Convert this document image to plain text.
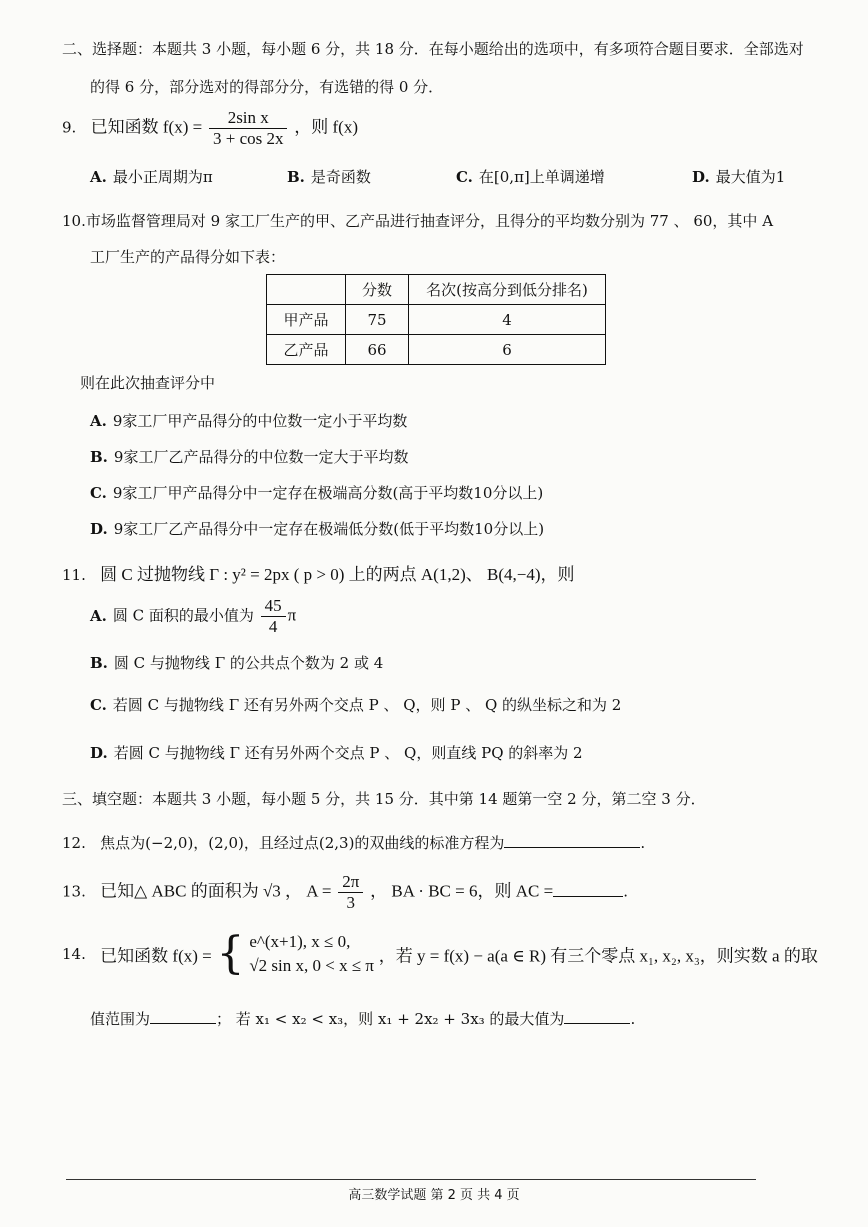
二、选择题：本题共 3 小题，每小题 6 分，共 18 分．在每小题给出的选项中，有多项符合题目要求．全部选对
的得 6 分，部分选对的得部分分，有选错的得 0 分．
9. 已知函数 $f(x) = \frac{\text{2sin x}}{3 + \cos 2x}$ ，则 f(x)
A. 最小正周期为π	B. 是奇函数	C. 在[0,π]上单调递增	D. 最大值为1
10.市场监督管理局对 9 家工厂生产的甲、乙产品进行抽查评分，且得分的平均数分别为 77 、 60，其中 A
工厂生产的产品得分如下表：
	分数	名次(按高分到低分排名)
甲产品	75	4
乙产品	66	6
则在此次抽查评分中
A. 9家工厂甲产品得分的中位数一定小于平均数
B. 9家工厂乙产品得分的中位数一定大于平均数
C. 9家工厂甲产品得分中一定存在极端高分数(高于平均数10分以上)
D. 9家工厂乙产品得分中一定存在极端低分数(低于平均数10分以上)
11. 圆 C 过抛物线 Γ : y² = 2px ( p > 0) 上的两点 A(1,2)、 B(4,−4)，则
A. 圆 C 面积的最小值为 $\frac{45}{4}$ π
B. 圆 C 与抛物线 Γ 的公共点个数为 2 或 4
C. 若圆 C 与抛物线 Γ 还有另外两个交点 P 、 Q，则 P 、 Q 的纵坐标之和为 2
D. 若圆 C 与抛物线 Γ 还有另外两个交点 P 、 Q，则直线 PQ 的斜率为 2
三、填空题：本题共 3 小题，每小题 5 分，共 15 分．其中第 14 题第一空 2 分，第二空 3 分．
12. 焦点为(−2,0)，(2,0)，且经过点(2,3)的双曲线的标准方程为	.
13. 已知△ ABC 的面积为 √3 ， $A = \frac{2\pi}{3}$ ， BA · BC = 6，则 AC =	.
14. 已知函数 f(x) = { e^(x+1), x ≤ 0,
√2 sin x, 0 < x ≤ π ，若 y = f(x) − a(a ∈ R) 有三个零点 x₁, x₂, x₃，则实数 a 的取
值范围为	； 若 x₁ < x₂ < x₃，则 x₁ + 2x₂ + 3x₃ 的最大值为	.
高三数学试题 第 2 页 共 4 页
